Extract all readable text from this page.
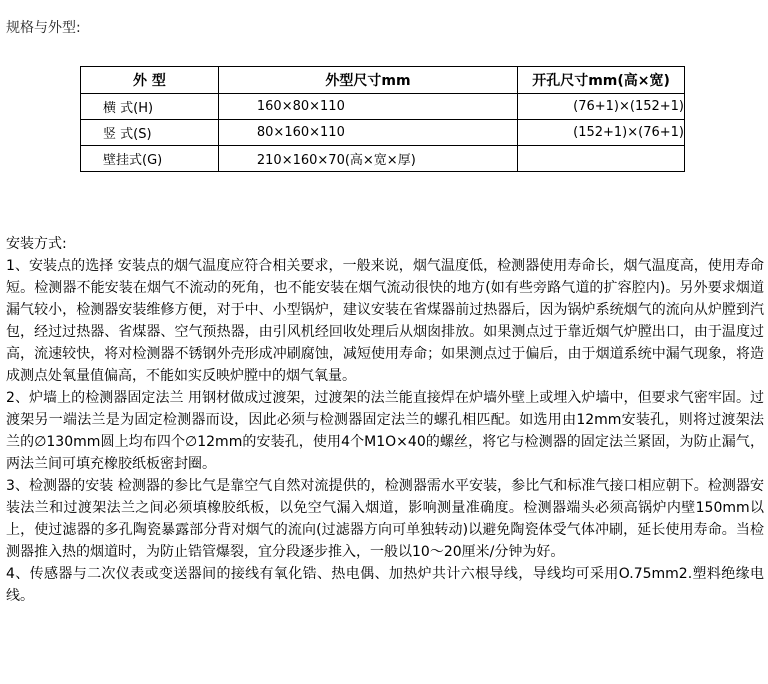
规格与外型:
外 型	外型尺寸mm	开孔尺寸mm(高×宽)
横 式(H)	160×80×110	(76+1)×(152+1)
竖 式(S)	80×160×110	(152+1)×(76+1)
壁挂式(G)	210×160×70(高×宽×厚)	

安装方式:

1、安装点的选择 安装点的烟气温度应符合相关要求，一般来说，烟气温度低，检测器使用寿命长，烟气温度高，使用寿命短。检测器不能安装在烟气不流动的死角，也不能安装在烟气流动很快的地方(如有些旁路气道的扩容腔内)。另外要求烟道漏气较小，检测器安装维修方便，对于中、小型锅炉，建议安装在省煤器前过热器后，因为锅炉系统烟气的流向从炉膛到汽包，经过过热器、省煤器、空气预热器，由引风机经回收处理后从烟囱排放。如果测点过于靠近烟气炉膛出口，由于温度过高，流速较快，将对检测器不锈钢外壳形成冲刷腐蚀，减短使用寿命；如果测点过于偏后，由于烟道系统中漏气现象，将造成测点处氧量值偏高，不能如实反映炉膛中的烟气氧量。

2、炉墙上的检测器固定法兰 用钢材做成过渡架，过渡架的法兰能直接焊在炉墙外壁上或埋入炉墙中，但要求气密牢固。过渡架另一端法兰是为固定检测器而设，因此必须与检测器固定法兰的螺孔相匹配。如选用由12mm安装孔，则将过渡架法兰的∅130mm圆上均布四个∅12mm的安装孔，使用4个M1O×40的螺丝，将它与检测器的固定法兰紧固，为防止漏气，两法兰间可填充橡胶纸板密封圈。

3、检测器的安装 检测器的参比气是靠空气自然对流提供的，检测器需水平安装，参比气和标准气接口相应朝下。检测器安装法兰和过渡架法兰之间必须填橡胶纸板，以免空气漏入烟道，影响测量准确度。检测器端头必须高锅炉内壁150mm以上，使过滤器的多孔陶瓷暴露部分背对烟气的流向(过滤器方向可单独转动)以避免陶瓷体受气体冲刷，延长使用寿命。当检测器推入热的烟道时，为防止锆管爆裂，宜分段逐步推入，一般以10～20厘米/分钟为好。

4、传感器与二次仪表或变送器间的接线有氧化锆、热电偶、加热炉共计六根导线，导线均可采用O.75mm2.塑料绝缘电线。
